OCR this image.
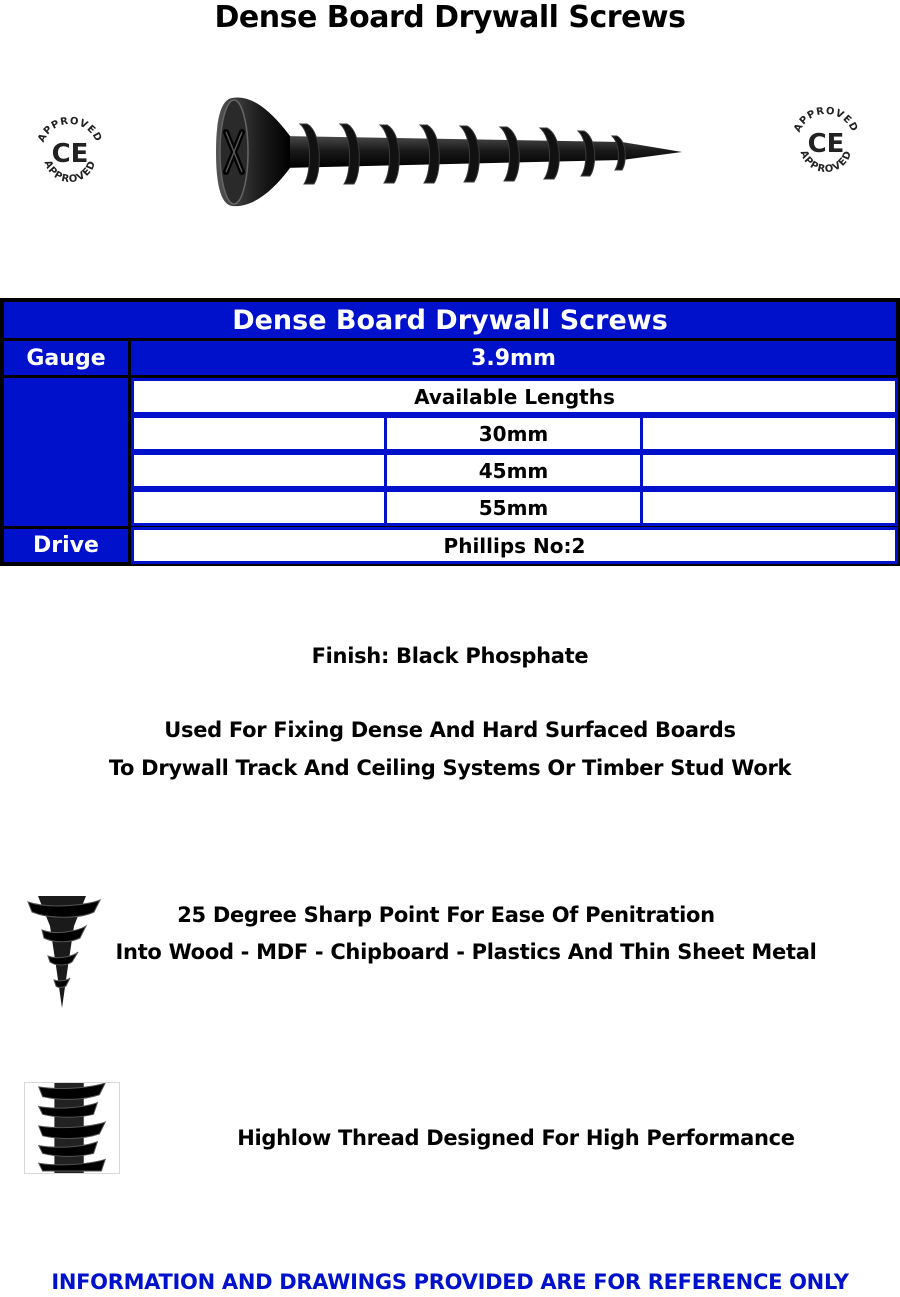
Dense Board Drywall Screws
APPROVED
APPROVED
CE
APPROVED
APPROVED
CE
Dense Board Drywall Screws
Gauge	3.9mm
Available Lengths
30mm
45mm
55mm
Drive	Phillips No:2
Finish: Black Phosphate
Used For Fixing Dense And Hard Surfaced Boards
To Drywall Track And Ceiling Systems Or Timber Stud Work
25 Degree Sharp Point For Ease Of Penitration
Into Wood - MDF - Chipboard - Plastics And Thin Sheet Metal
Highlow Thread Designed For High Performance
INFORMATION AND DRAWINGS PROVIDED ARE FOR REFERENCE ONLY
